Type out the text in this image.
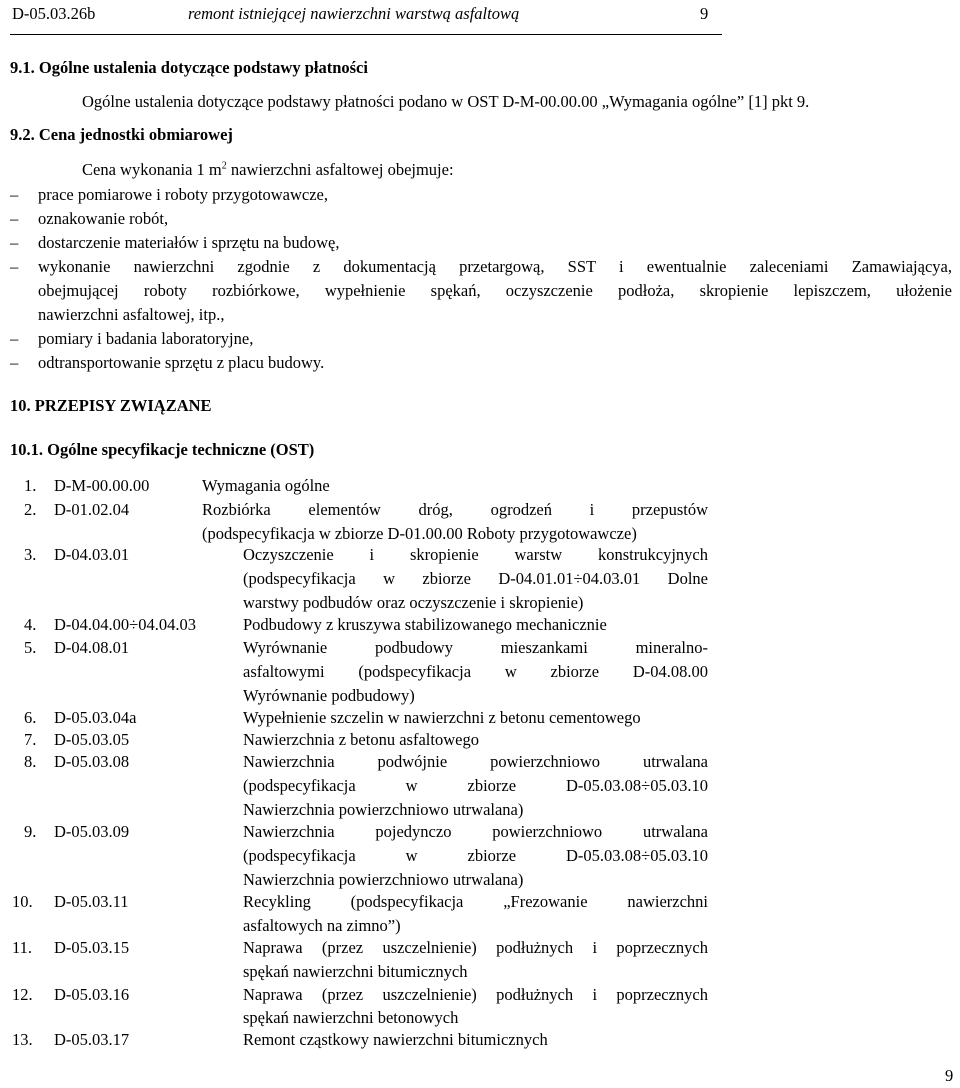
D-05.03.26b	remont istniejącej nawierzchni warstwą asfaltową	9
9.1. Ogólne ustalenia dotyczące podstawy płatności
Ogólne ustalenia dotyczące podstawy płatności podano w OST D-M-00.00.00 „Wymagania ogólne” [1] pkt 9.
9.2. Cena jednostki obmiarowej
Cena wykonania 1 $m^2$ nawierzchni asfaltowej obejmuje:
– prace pomiarowe i roboty przygotowawcze,
– oznakowanie robót,
– dostarczenie materiałów i sprzętu na budowę,
– wykonanie nawierzchni zgodnie z dokumentacją przetargową, SST i ewentualnie zaleceniami Zamawiającya,
obejmującej roboty rozbiórkowe, wypełnienie spękań, oczyszczenie podłoża, skropienie lepiszczem, ułożenie
nawierzchni asfaltowej, itp.,
– pomiary i badania laboratoryjne,
– odtransportowanie sprzętu z placu budowy.
10. PRZEPISY ZWIĄZANE
10.1. Ogólne specyfikacje techniczne (OST)
1. D-M-00.00.00	Wymagania ogólne
2. D-01.02.04	Rozbiórka elementów dróg, ogrodzeń i przepustów
(podspecyfikacja w zbiorze D-01.00.00 Roboty przygotowawcze)
3. D-04.03.01	Oczyszczenie i skropienie warstw konstrukcyjnych
(podspecyfikacja w zbiorze D-04.01.01÷04.03.01 Dolne
warstwy podbudów oraz oczyszczenie i skropienie)
4. D-04.04.00÷04.04.03	Podbudowy z kruszywa stabilizowanego mechanicznie
5. D-04.08.01	Wyrównanie podbudowy mieszankami mineralno-
asfaltowymi (podspecyfikacja w zbiorze D-04.08.00
Wyrównanie podbudowy)
6. D-05.03.04a	Wypełnienie szczelin w nawierzchni z betonu cementowego
7. D-05.03.05	Nawierzchnia z betonu asfaltowego
8. D-05.03.08	Nawierzchnia podwójnie powierzchniowo utrwalana
(podspecyfikacja w zbiorze D-05.03.08÷05.03.10
Nawierzchnia powierzchniowo utrwalana)
9. D-05.03.09	Nawierzchnia pojedynczo powierzchniowo utrwalana
(podspecyfikacja w zbiorze D-05.03.08÷05.03.10
Nawierzchnia powierzchniowo utrwalana)
10. D-05.03.11	Recykling (podspecyfikacja „Frezowanie nawierzchni
asfaltowych na zimno”)
11. D-05.03.15	Naprawa (przez uszczelnienie) podłużnych i poprzecznych
spękań nawierzchni bitumicznych
12. D-05.03.16	Naprawa (przez uszczelnienie) podłużnych i poprzecznych
spękań nawierzchni betonowych
13. D-05.03.17	Remont cząstkowy nawierzchni bitumicznych
9
